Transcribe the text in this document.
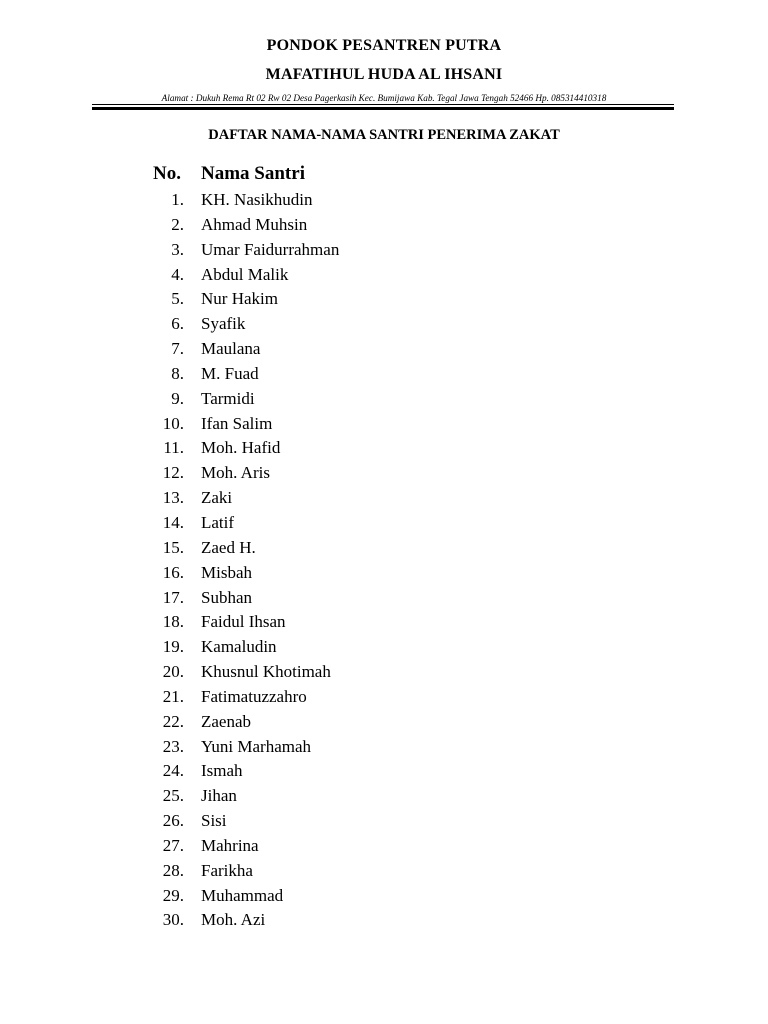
PONDOK PESANTREN PUTRA
MAFATIHUL HUDA AL IHSANI
Alamat : Dukuh Rema Rt 02 Rw 02 Desa Pagerkasih Kec. Bumijawa Kab. Tegal Jawa Tengah 52466 Hp. 085314410318
DAFTAR NAMA-NAMA SANTRI PENERIMA ZAKAT
No. Nama Santri
1. KH. Nasikhudin
2. Ahmad Muhsin
3. Umar Faidurrahman
4. Abdul Malik
5. Nur Hakim
6. Syafik
7. Maulana
8. M. Fuad
9. Tarmidi
10. Ifan Salim
11. Moh. Hafid
12. Moh. Aris
13. Zaki
14. Latif
15. Zaed H.
16. Misbah
17. Subhan
18. Faidul Ihsan
19. Kamaludin
20. Khusnul Khotimah
21. Fatimatuzzahro
22. Zaenab
23. Yuni Marhamah
24. Ismah
25. Jihan
26. Sisi
27. Mahrina
28. Farikha
29. Muhammad
30. Moh. Azi
